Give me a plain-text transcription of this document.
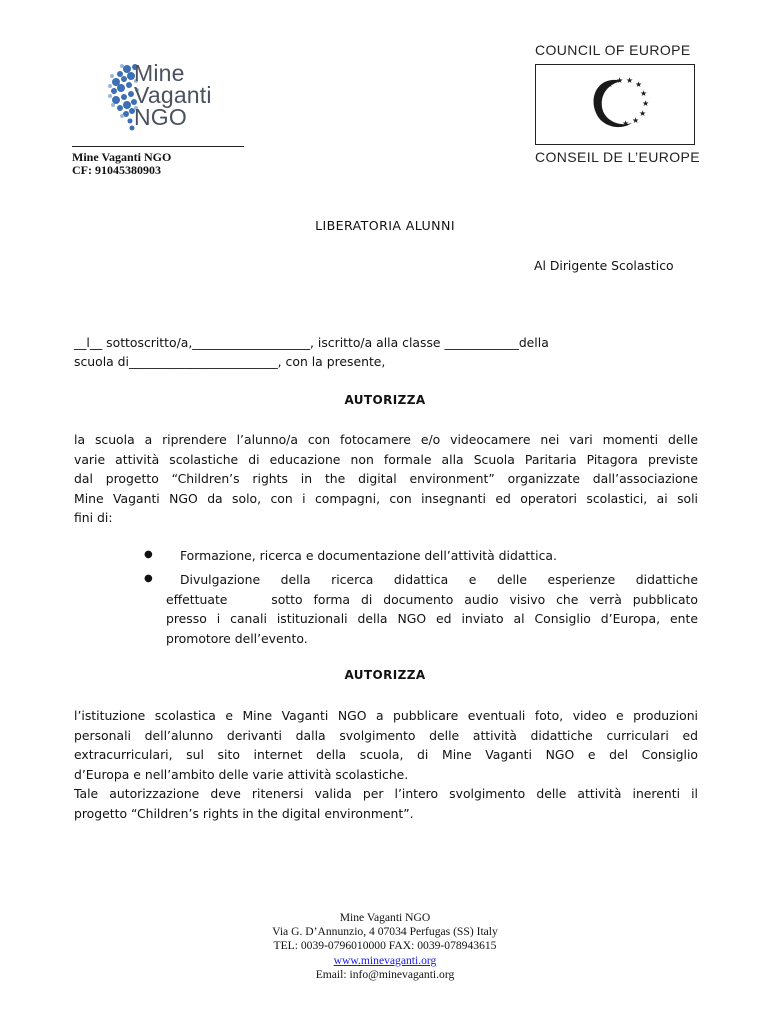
Mine
Vaganti
NGO
Mine Vaganti NGO
CF: 91045380903
COUNCIL OF EUROPE
★ ★ ★ ★
★
★
★
★
★
★
★
★
CONSEIL DE L’EUROPE
LIBERATORIA ALUNNI
Al Dirigente Scolastico
__l__ sottoscritto/a,___________________, iscritto/a alla classe ____________della
scuola di________________________, con la presente,
AUTORIZZA
la scuola a riprendere l’alunno/a con fotocamere e/o videocamere nei vari momenti delle
varie attività scolastiche di educazione non formale alla Scuola Paritaria Pitagora previste
dal progetto “Children’s rights in the digital environment” organizzate dall’associazione
Mine Vaganti NGO da solo, con i compagni, con insegnanti ed operatori scolastici, ai soli
fini di:
● Formazione, ricerca e documentazione dell’attività didattica.
●	Divulgazione della ricerca didattica e delle esperienze didattiche
effettuate    sotto forma di documento audio visivo che verrà pubblicato
presso i canali istituzionali della NGO ed inviato al Consiglio d’Europa, ente
promotore dell’evento.
AUTORIZZA
l’istituzione scolastica e Mine Vaganti NGO a pubblicare eventuali foto, video e produzioni
personali dell’alunno derivanti dalla svolgimento delle attività didattiche curriculari ed
extracurriculari, sul sito internet della scuola, di Mine Vaganti NGO e del Consiglio
d’Europa e nell’ambito delle varie attività scolastiche.
Tale autorizzazione deve ritenersi valida per l’intero svolgimento delle attività inerenti il
progetto “Children’s rights in the digital environment”.
Mine Vaganti NGO
Via G. D’Annunzio, 4 07034 Perfugas (SS) Italy
TEL: 0039-0796010000 FAX: 0039-078943615
www.minevaganti.org
Email: info@minevaganti.org
